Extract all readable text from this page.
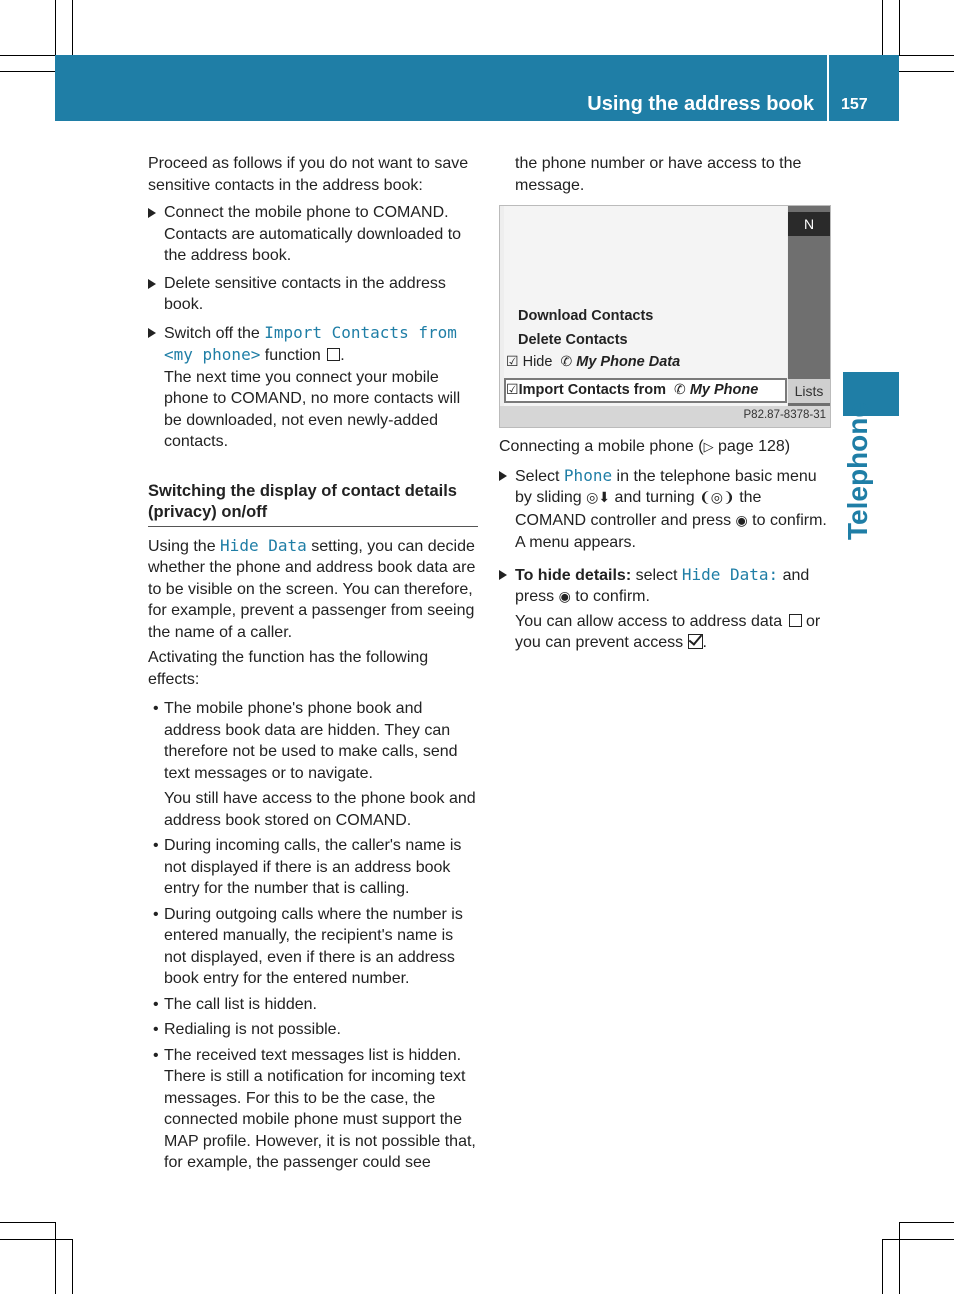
Using the address book 157
Telephone

Proceed as follows if you do not want to save sensitive contacts in the address book:

Connect the mobile phone to COMAND. Contacts are automatically downloaded to the address book.
Delete sensitive contacts in the address book.
Switch off the Import Contacts from <my phone> function .

The next time you connect your mobile phone to COMAND, no more contacts will be downloaded, not even newly-added contacts.

Switching the display of contact details (privacy) on/off

Using the Hide Data setting, you can decide whether the phone and address book data are to be visible on the screen. You can therefore, for example, prevent a passenger from seeing the name of a caller.

Activating the function has the following effects:

• The mobile phone's phone book and address book data are hidden. They can therefore not be used to make calls, send text messages or to navigate.

You still have access to the phone book and address book stored on COMAND.

• During incoming calls, the caller's name is not displayed if there is an address book entry for the number that is calling.
• During outgoing calls where the number is entered manually, the recipient's name is not displayed, even if there is an address book entry for the entered number.
• The call list is hidden.
• Redialing is not possible.
• The received text messages list is hidden. There is still a notification for incoming text messages. For this to be the case, the connected mobile phone must support the MAP profile. However, it is not possible that, for example, the passenger could see

the phone number or have access to the message.

N
Lists
Download Contacts
Delete Contacts
☑ Hide ✆ My Phone Data
☑Import Contacts from ✆ My Phone
P82.87-8378-31

Connecting a mobile phone (▷ page 128)

Select Phone in the telephone basic menu by sliding ◎⬇ and turning ❨◎❩ the COMAND controller and press ◉ to confirm.

A menu appears.

To hide details: select Hide Data: and press ◉ to confirm.

You can allow access to address data  or you can prevent access .
